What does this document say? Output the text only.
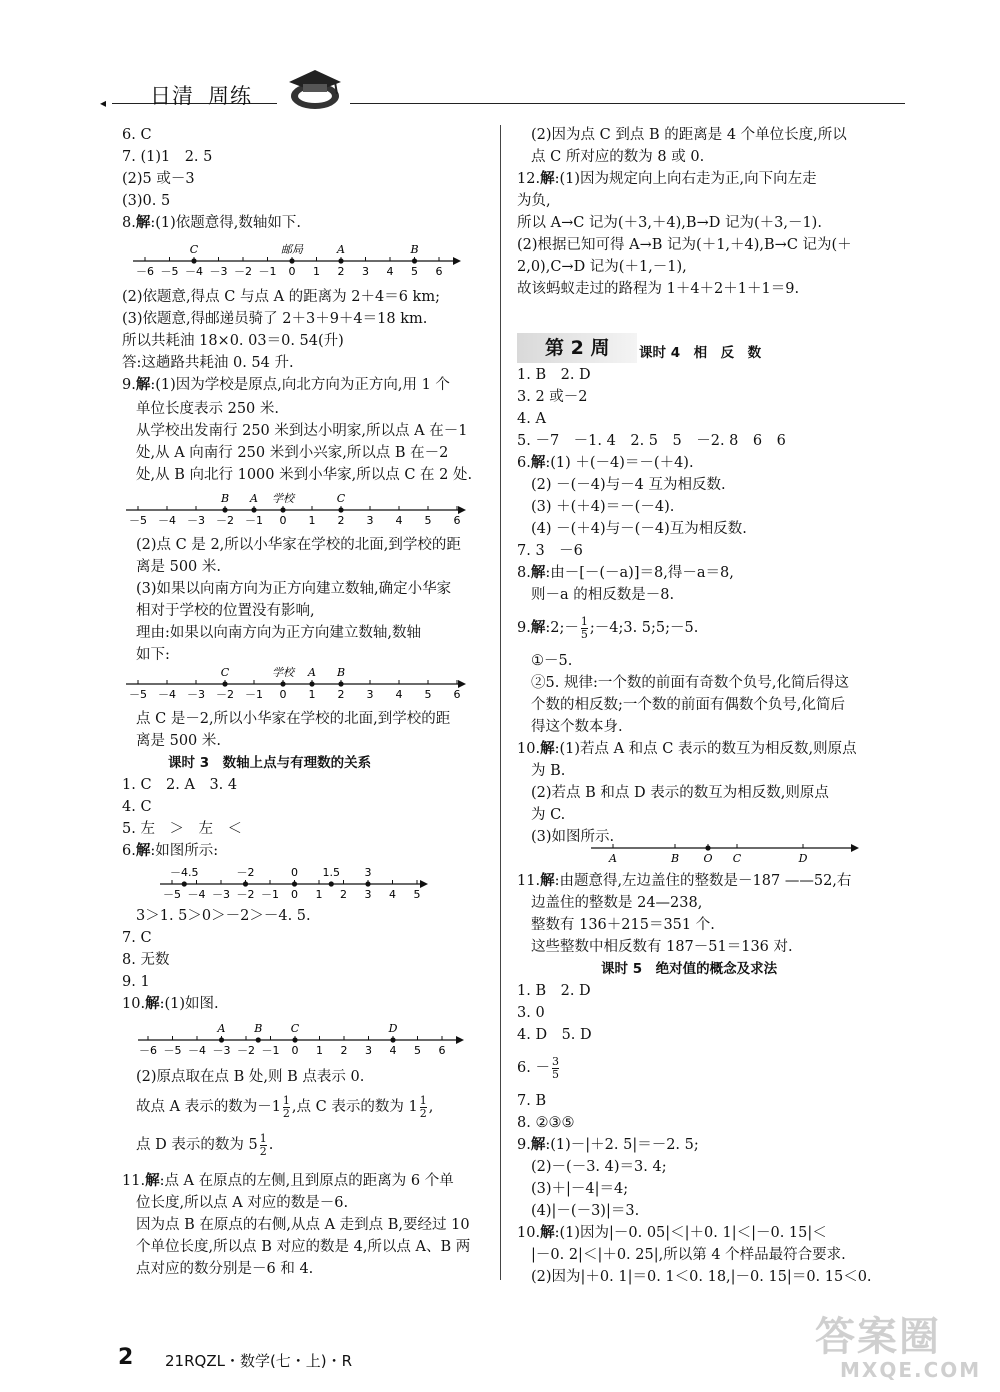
◂ 日清 周练
6. C
7. (1)1　2. 5
(2)5 或－3
(3)0. 5
8.解:(1)依题意得,数轴如下.
－6 －5 －4 －3 －2 －1 0 1 2 3 4 5 6
C	邮局	A	B
(2)依题意,得点 C 与点 A 的距离为 2＋4＝6 km;
(3)依题意,得邮递员骑了 2＋3＋9＋4＝18 km.
所以共耗油 18×0. 03＝0. 54(升)
答:这趟路共耗油 0. 54 升.
9.解:(1)因为学校是原点,向北方向为正方向,用 1 个
单位长度表示 250 米.
从学校出发南行 250 米到达小明家,所以点 A 在－1
处,从 A 向南行 250 米到小兴家,所以点 B 在－2
处,从 B 向北行 1000 米到小华家,所以点 C 在 2 处.
－5 －4 －3 －2 －1 0 1 2 3 4 5 6
B A 学校	C
(2)点 C 是 2,所以小华家在学校的北面,到学校的距
离是 500 米.
(3)如果以向南方向为正方向建立数轴,确定小华家
相对于学校的位置没有影响,
理由:如果以向南方向为正方向建立数轴,数轴
如下:
－5 －4 －3 －2 －1 0 1 2 3 4 5 6
C	学校 A B
点 C 是－2,所以小华家在学校的北面,到学校的距
离是 500 米.
课时 3　数轴上点与有理数的关系
1. C　2. A　3. 4
4. C
5. 左　＞　左　＜
6.解:如图所示:
－5 －4 －3 －2 －1 0 1 2 3 4 5
－4.5	－2	0 1.5 3
3＞1. 5＞0＞－2＞－4. 5.
7. C
8. 无数
9. 1
10.解:(1)如图.
－6 －5 －4 －3 －2 －1 0 1 2 3 4 5 6
A	B	C	D
(2)原点取在点 B 处,则 B 点表示 0.
故点 A 表示的数为$-1 \frac{1}{2}$ ,点 C 表示的数为 $1 \frac{1}{2}$ ,
点 D 表示的数为 $5 \frac{1}{2}$ .
11.解:点 A 在原点的左侧,且到原点的距离为 6 个单
位长度,所以点 A 对应的数是－6.
因为点 B 在原点的右侧,从点 A 走到点 B,要经过 10
个单位长度,所以点 B 对应的数是 4,所以点 A、B 两
点对应的数分别是－6 和 4.
(2)因为点 C 到点 B 的距离是 4 个单位长度,所以
点 C 所对应的数为 8 或 0.
12.解:(1)因为规定向上向右走为正,向下向左走
为负,
所以 A→C 记为(＋3,＋4),B→D 记为(＋3,－1).
(2)根据已知可得 A→B 记为(＋1,＋4),B→C 记为(＋
2,0),C→D 记为(＋1,－1),
故该蚂蚁走过的路程为 1＋4＋2＋1＋1＝9.
第 2 周	课时 4　相　反　数
1. B　2. D
3. 2 或－2
4. A
5. －7　－1. 4　2. 5　5　－2. 8　6　6
6.解:(1) ＋(－4)＝－(＋4).
(2) －(－4)与－4 互为相反数.
(3) ＋(＋4)＝－(－4).
(4) －(＋4)与－(－4)互为相反数.
7. 3　－6
8.解:由－[－(－a)]＝8,得－a＝8,
则－a 的相反数是－8.
9.解:2;－ $\frac{1}{5}$ ;－4;3. 5;5;－5.
①－5.
②5. 规律:一个数的前面有奇数个负号,化简后得这
个数的相反数;一个数的前面有偶数个负号,化简后
得这个数本身.
10.解:(1)若点 A 和点 C 表示的数互为相反数,则原点
为 B.
(2)若点 B 和点 D 表示的数互为相反数,则原点
为 C.
(3)如图所示.
A	B O C	D
11.解:由题意得,左边盖住的整数是－187 ——52,右
边盖住的整数是 24—238,
整数有 136＋215＝351 个.
这些整数中相反数有 187－51＝136 对.
课时 5　绝对值的概念及求法
1. B　2. D
3. 0
4. D　5. D
6. － $\frac{3}{5}$
7. B
8. ②③⑤
9.解:(1)－|＋2. 5|＝－2. 5;
(2)－(－3. 4)＝3. 4;
(3)＋|－4|＝4;
(4)|－(－3)|＝3.
10.解:(1)因为|－0. 05|＜|＋0. 1|＜|－0. 15|＜
|－0. 2|＜|＋0. 25|,所以第 4 个样品最符合要求.
(2)因为|＋0. 1|＝0. 1＜0. 18,|－0. 15|＝0. 15＜0.
2 21RQZL・数学(七・上)・R
答案圈
MXQE.COM
